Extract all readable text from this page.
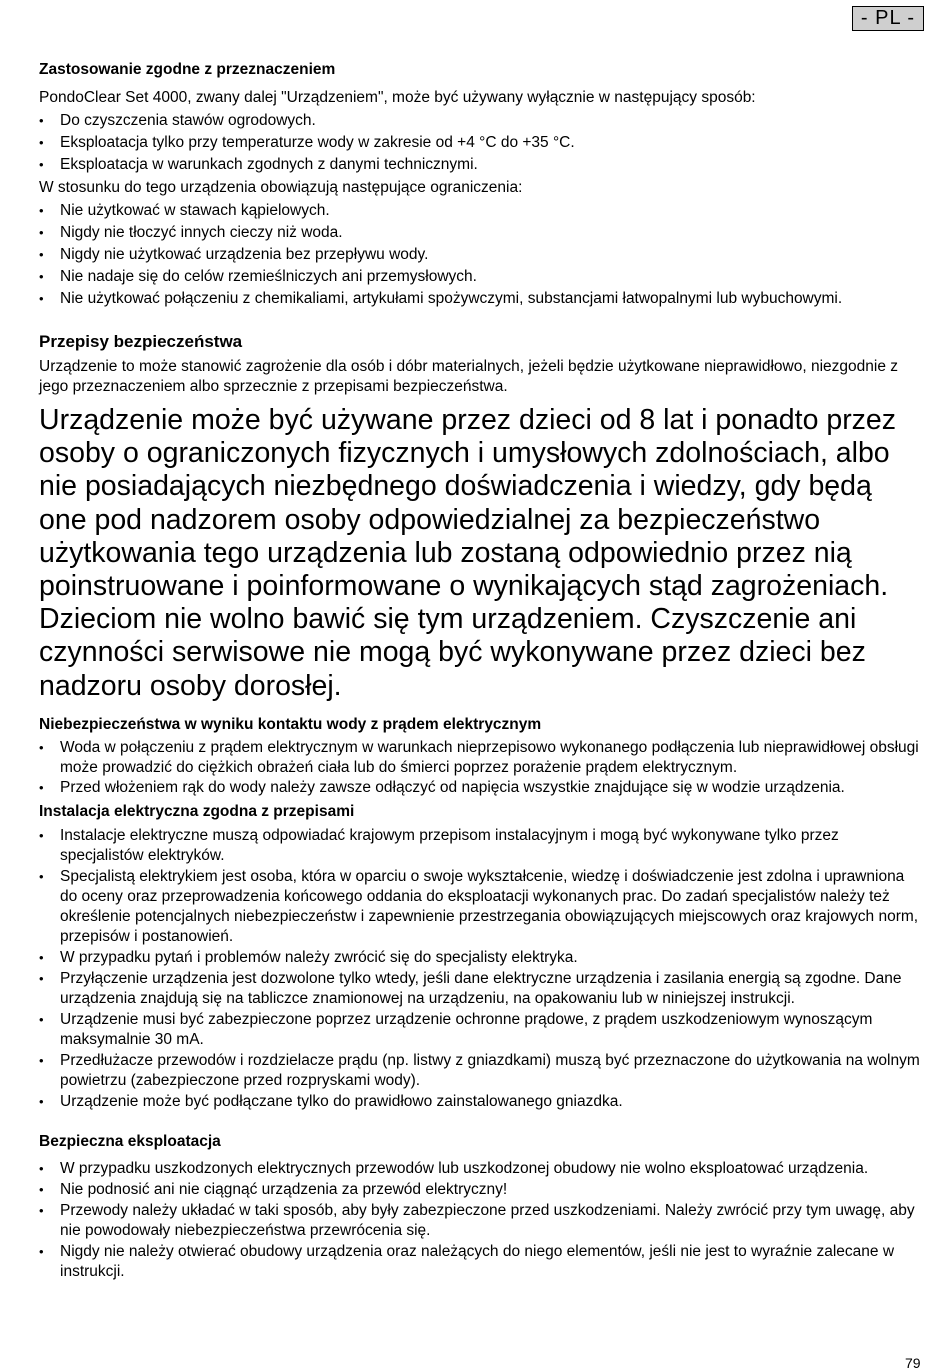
- PL -

Zastosowanie zgodne z przeznaczeniem

PondoClear Set 4000, zwany dalej "Urządzeniem", może być używany wyłącznie w następujący sposób:

• Do czyszczenia stawów ogrodowych.
• Eksploatacja tylko przy temperaturze wody w zakresie od +4 °C do +35 °C.
• Eksploatacja w warunkach zgodnych z danymi technicznymi.

W stosunku do tego urządzenia obowiązują następujące ograniczenia:

• Nie użytkować w stawach kąpielowych.
• Nigdy nie tłoczyć innych cieczy niż woda.
• Nigdy nie użytkować urządzenia bez przepływu wody.
• Nie nadaje się do celów rzemieślniczych ani przemysłowych.
• Nie użytkować połączeniu z chemikaliami, artykułami spożywczymi, substancjami łatwopalnymi lub wybuchowymi.

Przepisy bezpieczeństwa

Urządzenie to może stanowić zagrożenie dla osób i dóbr materialnych, jeżeli będzie użytkowane nieprawidłowo, niezgodnie z jego przeznaczeniem albo sprzecznie z przepisami bezpieczeństwa.

Urządzenie może być używane przez dzieci od 8 lat i ponadto przez osoby o ograniczonych fizycznych i umysłowych zdolnościach, albo nie posiadających niezbędnego doświadczenia i wiedzy, gdy będą one pod nadzorem osoby odpowiedzialnej za bezpieczeństwo użytkowania tego urządzenia lub zostaną odpowiednio przez nią poinstruowane i poinformowane o wynikających stąd zagrożeniach. Dzieciom nie wolno bawić się tym urządzeniem. Czyszczenie ani czynności serwisowe nie mogą być wykonywane przez dzieci bez nadzoru osoby dorosłej.

Niebezpieczeństwa w wyniku kontaktu wody z prądem elektrycznym

• Woda w połączeniu z prądem elektrycznym w warunkach nieprzepisowo wykonanego podłączenia lub nieprawidłowej obsługi może prowadzić do ciężkich obrażeń ciała lub do śmierci poprzez porażenie prądem elektrycznym.
• Przed włożeniem rąk do wody należy zawsze odłączyć od napięcia wszystkie znajdujące się w wodzie urządzenia.

Instalacja elektryczna zgodna z przepisami

• Instalacje elektryczne muszą odpowiadać krajowym przepisom instalacyjnym i mogą być wykonywane tylko przez specjalistów elektryków.
• Specjalistą elektrykiem jest osoba, która w oparciu o swoje wykształcenie, wiedzę i doświadczenie jest zdolna i uprawniona do oceny oraz przeprowadzenia końcowego oddania do eksploatacji wykonanych prac. Do zadań specjalistów należy też określenie potencjalnych niebezpieczeństw i zapewnienie przestrzegania obowiązujących miejscowych oraz krajowych norm, przepisów i postanowień.
• W przypadku pytań i problemów należy zwrócić się do specjalisty elektryka.
• Przyłączenie urządzenia jest dozwolone tylko wtedy, jeśli dane elektryczne urządzenia i zasilania energią są zgodne. Dane urządzenia znajdują się na tabliczce znamionowej na urządzeniu, na opakowaniu lub w niniejszej instrukcji.
• Urządzenie musi być zabezpieczone poprzez urządzenie ochronne prądowe, z prądem uszkodzeniowym wynoszącym maksymalnie 30 mA.
• Przedłużacze przewodów i rozdzielacze prądu (np. listwy z gniazdkami) muszą być przeznaczone do użytkowania na wolnym powietrzu (zabezpieczone przed rozpryskami wody).
• Urządzenie może być podłączane tylko do prawidłowo zainstalowanego gniazdka.

Bezpieczna eksploatacja

• W przypadku uszkodzonych elektrycznych przewodów lub uszkodzonej obudowy nie wolno eksploatować urządzenia.
• Nie podnosić ani nie ciągnąć urządzenia za przewód elektryczny!
• Przewody należy układać w taki sposób, aby były zabezpieczone przed uszkodzeniami. Należy zwrócić przy tym uwagę, aby nie powodowały niebezpieczeństwa przewrócenia się.
• Nigdy nie należy otwierać obudowy urządzenia oraz należących do niego elementów, jeśli nie jest to wyraźnie zalecane w instrukcji.
79
